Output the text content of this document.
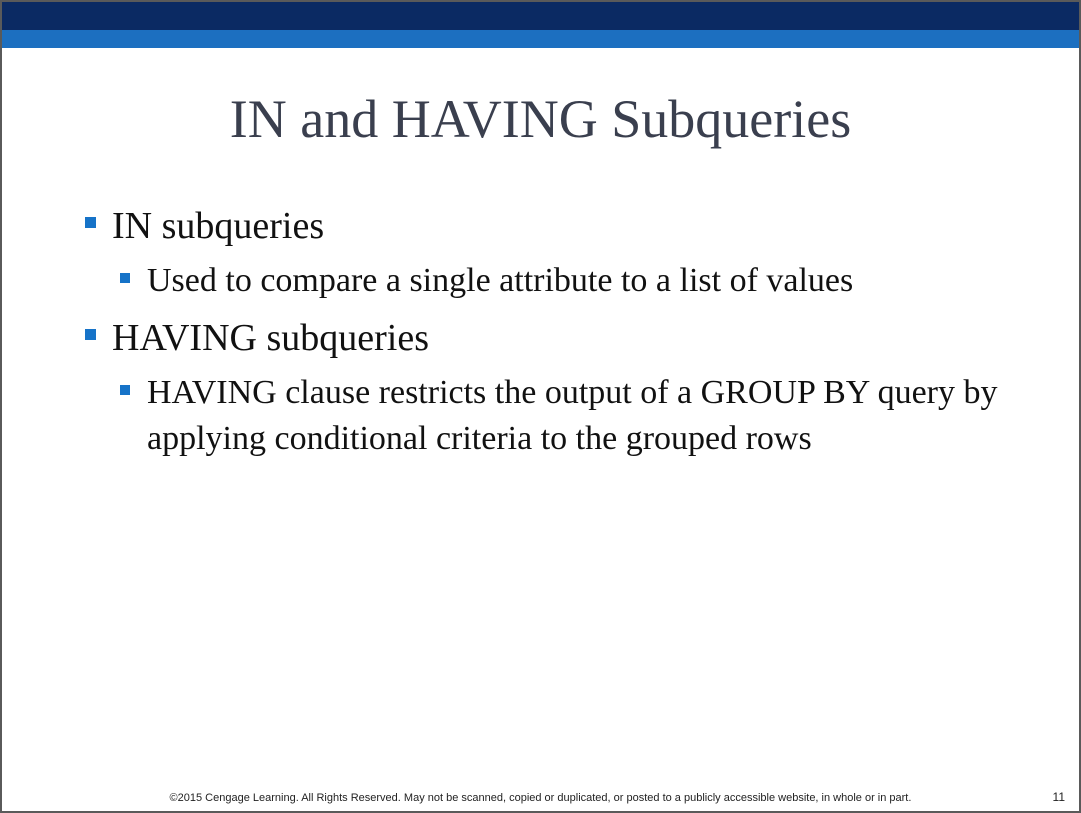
IN and HAVING Subqueries
IN subqueries
Used to compare a single attribute to a list of values
HAVING subqueries
HAVING clause restricts the output of a GROUP BY query by applying conditional criteria to the grouped rows
©2015 Cengage Learning. All Rights Reserved. May not be scanned, copied or duplicated, or posted to a publicly accessible website, in whole or in part.	11
